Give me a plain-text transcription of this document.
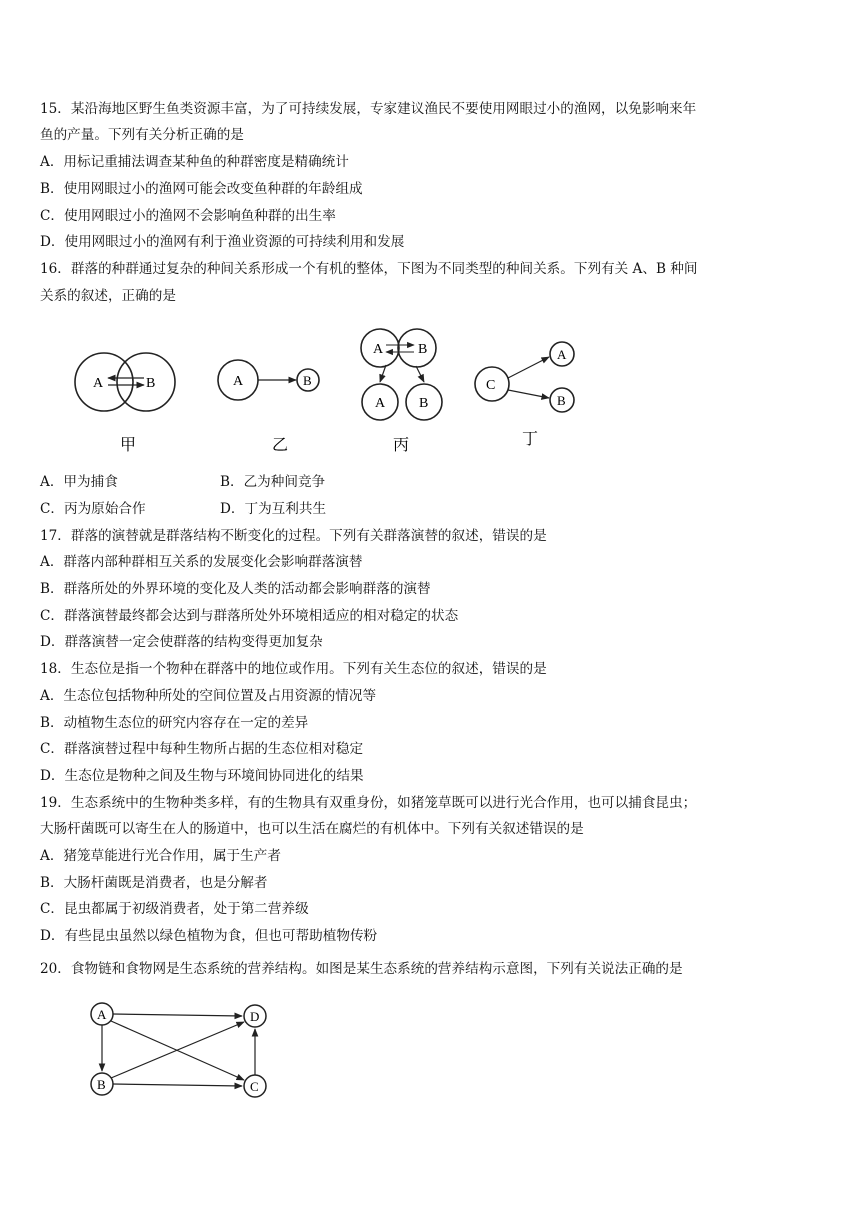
15．某沿海地区野生鱼类资源丰富，为了可持续发展，专家建议渔民不要使用网眼过小的渔网，以免影响来年
鱼的产量。下列有关分析正确的是
A．用标记重捕法调查某种鱼的种群密度是精确统计
B．使用网眼过小的渔网可能会改变鱼种群的年龄组成
C．使用网眼过小的渔网不会影响鱼种群的出生率
D．使用网眼过小的渔网有利于渔业资源的可持续利用和发展
16．群落的种群通过复杂的种间关系形成一个有机的整体，下图为不同类型的种间关系。下列有关 A、B 种间
关系的叙述，正确的是
A	B
甲
A	B
乙
A B
A B
丙
C
A
B
丁
A．甲为捕食	B．乙为种间竞争
C．丙为原始合作	D．丁为互利共生
17．群落的演替就是群落结构不断变化的过程。下列有关群落演替的叙述，错误的是
A．群落内部种群相互关系的发展变化会影响群落演替
B．群落所处的外界环境的变化及人类的活动都会影响群落的演替
C．群落演替最终都会达到与群落所处外环境相适应的相对稳定的状态
D．群落演替一定会使群落的结构变得更加复杂
18．生态位是指一个物种在群落中的地位或作用。下列有关生态位的叙述，错误的是
A．生态位包括物种所处的空间位置及占用资源的情况等
B．动植物生态位的研究内容存在一定的差异
C．群落演替过程中每种生物所占据的生态位相对稳定
D．生态位是物种之间及生物与环境间协同进化的结果
19．生态系统中的生物种类多样，有的生物具有双重身份，如猪笼草既可以进行光合作用，也可以捕食昆虫；
大肠杆菌既可以寄生在人的肠道中，也可以生活在腐烂的有机体中。下列有关叙述错误的是
A．猪笼草能进行光合作用，属于生产者
B．大肠杆菌既是消费者，也是分解者
C．昆虫都属于初级消费者，处于第二营养级
D．有些昆虫虽然以绿色植物为食，但也可帮助植物传粉
20．食物链和食物网是生态系统的营养结构。如图是某生态系统的营养结构示意图，下列有关说法正确的是
A
B	C
D
